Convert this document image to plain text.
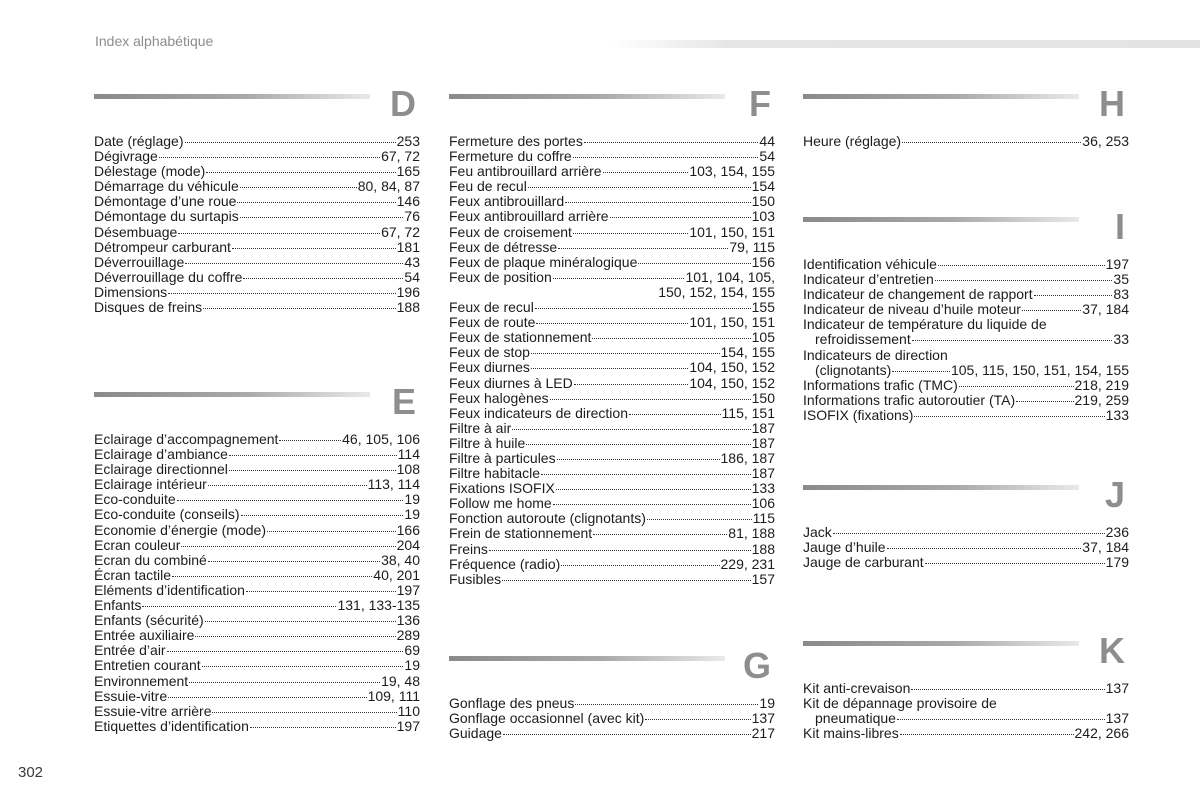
Index alphabétique
D
Date (réglage)	253
Dégivrage	67, 72
Délestage (mode)	165
Démarrage du véhicule	80, 84, 87
Démontage d’une roue	146
Démontage du surtapis	76
Désembuage	67, 72
Détrompeur carburant	181
Déverrouillage	43
Déverrouillage du coffre	54
Dimensions	196
Disques de freins	188
E
Eclairage d’accompagnement	46, 105, 106
Eclairage d’ambiance	114
Eclairage directionnel	108
Eclairage intérieur	113, 114
Eco-conduite	19
Eco-conduite (conseils)	19
Economie d’énergie (mode)	166
Ecran couleur	204
Ecran du combiné	38, 40
Écran tactile	40, 201
Eléments d’identification	197
Enfants	131, 133-135
Enfants (sécurité)	136
Entrée auxiliaire	289
Entrée d’air	69
Entretien courant	19
Environnement	19, 48
Essuie-vitre	109, 111
Essuie-vitre arrière	110
Etiquettes d’identification	197
F
Fermeture des portes	44
Fermeture du coffre	54
Feu antibrouillard arrière	103, 154, 155
Feu de recul	154
Feux antibrouillard	150
Feux antibrouillard arrière	103
Feux de croisement	101, 150, 151
Feux de détresse	79, 115
Feux de plaque minéralogique	156
Feux de position	101, 104, 105,
150, 152, 154, 155
Feux de recul	155
Feux de route	101, 150, 151
Feux de stationnement	105
Feux de stop	154, 155
Feux diurnes	104, 150, 152
Feux diurnes à LED	104, 150, 152
Feux halogènes	150
Feux indicateurs de direction	115, 151
Filtre à air	187
Filtre à huile	187
Filtre à particules	186, 187
Filtre habitacle	187
Fixations ISOFIX	133
Follow me home	106
Fonction autoroute (clignotants)	115
Frein de stationnement	81, 188
Freins	188
Fréquence (radio)	229, 231
Fusibles	157
G
Gonflage des pneus	19
Gonflage occasionnel (avec kit)	137
Guidage	217
H
Heure (réglage)	36, 253
I
Identification véhicule	197
Indicateur d’entretien	35
Indicateur de changement de rapport	83
Indicateur de niveau d’huile moteur	37, 184
Indicateur de température du liquide de
refroidissement	33
Indicateurs de direction
(clignotants)	105, 115, 150, 151, 154, 155
Informations trafic (TMC)	218, 219
Informations trafic autoroutier (TA)	219, 259
ISOFIX (fixations)	133
J
Jack	236
Jauge d’huile	37, 184
Jauge de carburant	179
K
Kit anti-crevaison	137
Kit de dépannage provisoire de
pneumatique	137
Kit mains-libres	242, 266
302
